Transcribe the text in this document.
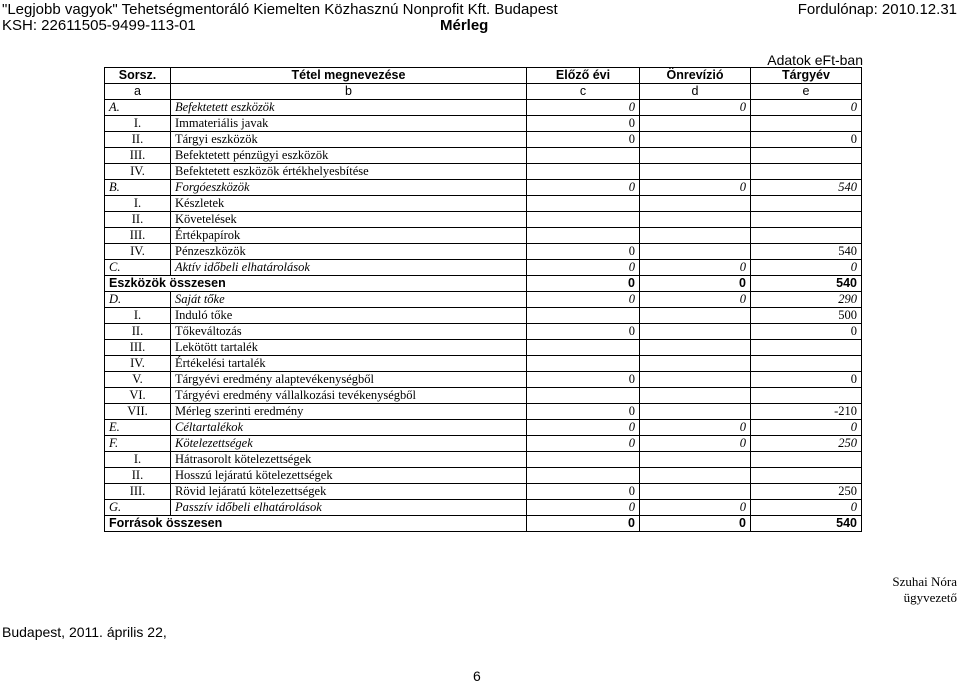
"Legjobb vagyok" Tehetségmentoráló Kiemelten Közhasznú Nonprofit Kft. Budapest	Fordulónap: 2010.12.31
KSH: 22611505-9499-113-01	Mérleg
Adatok eFt-ban
Sorsz.	Tétel megnevezése	Előző évi	Önrevízió	Tárgyév
a	b	c	d	e
A.	Befektetett eszközök	0	0	0
I.	Immateriális javak	0		
II.	Tárgyi eszközök	0		0
III.	Befektetett pénzügyi eszközök			
IV.	Befektetett eszközök értékhelyesbítése			
B.	Forgóeszközök	0	0	540
I.	Készletek			
II.	Követelések			
III.	Értékpapírok			
IV.	Pénzeszközök	0		540
C.	Aktív időbeli elhatárolások	0	0	0
Eszközök összesen		0	0	540
D.	Saját tőke	0	0	290
I.	Induló tőke			500
II.	Tőkeváltozás	0		0
III.	Lekötött tartalék			
IV.	Értékelési tartalék			
V.	Tárgyévi eredmény alaptevékenységből	0		0
VI.	Tárgyévi eredmény vállalkozási tevékenységből			
VII.	Mérleg szerinti eredmény	0		-210
E.	Céltartalékok	0	0	0
F.	Kötelezettségek	0	0	250
I.	Hátrasorolt kötelezettségek			
II.	Hosszú lejáratú kötelezettségek			
III.	Rövid lejáratú kötelezettségek	0		250
G.	Passzív időbeli elhatárolások	0	0	0
Források összesen		0	0	540
Szuhai Nóra
ügyvezető
Budapest, 2011. április 22,
6
